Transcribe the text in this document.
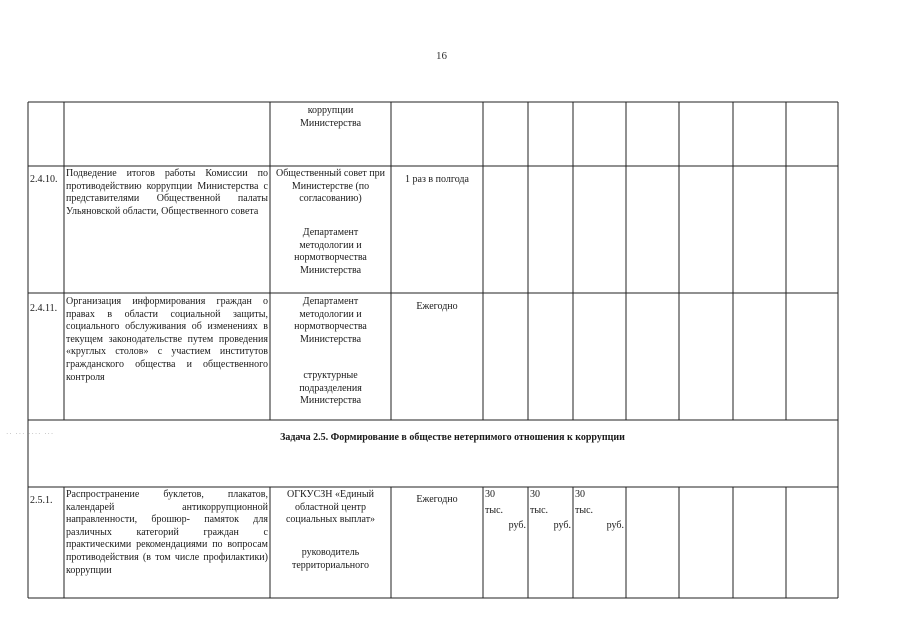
16
коррупции
Министерства
2.4.10.
Подведение итогов работы Комиссии по противодействию коррупции Министерства с представителями Общественной палаты Ульяновской области, Общественного совета
Общественный совет при Министерстве (по согласованию)
Департамент методологии и нормотворчества Министерства
1 раз в полгода
2.4.11.
Организация информирования граждан о правах в области социальной защиты, социального обслуживания об изменениях в текущем законодательстве путем проведения «круглых столов» с участием институтов гражданского общества и общественного контроля
Департамент методологии и нормотворчества Министерства
структурные подразделения Министерства
Ежегодно
·· ··· ···· ···	Задача 2.5. Формирование в обществе нетерпимого отношения к коррупции
2.5.1.
Распространение буклетов, плакатов, календарей антикоррупционной направленности, брошюр- памяток для различных категорий граждан с практическими рекомендациями по вопросам противодействия (в том числе профилактики) коррупции
ОГКУСЗН «Единый областной центр социальных выплат»
руководитель территориального
Ежегодно	30
тыс.
руб.
30
тыс.
руб.
30
тыс.
руб.
